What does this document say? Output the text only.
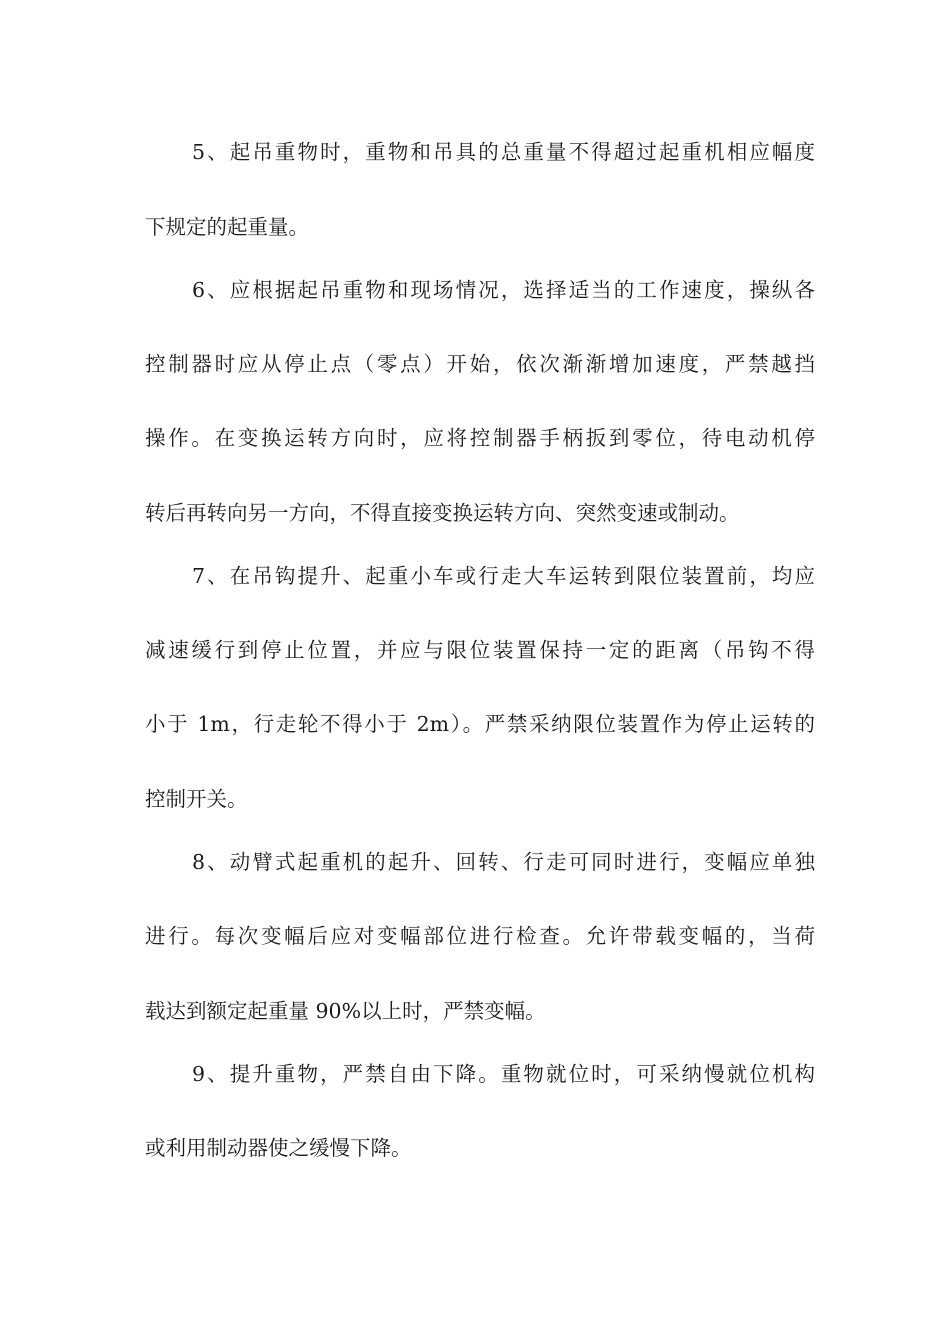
5、起吊重物时，重物和吊具的总重量不得超过起重机相应幅度
下规定的起重量。
6、应根据起吊重物和现场情况，选择适当的工作速度，操纵各
控制器时应从停止点（零点）开始，依次渐渐增加速度，严禁越挡
操作。在变换运转方向时，应将控制器手柄扳到零位，待电动机停
转后再转向另一方向，不得直接变换运转方向、突然变速或制动。
7、在吊钩提升、起重小车或行走大车运转到限位装置前，均应
减速缓行到停止位置，并应与限位装置保持一定的距离（吊钩不得
小于 1m，行走轮不得小于 2m）。严禁采纳限位装置作为停止运转的
控制开关。
8、动臂式起重机的起升、回转、行走可同时进行，变幅应单独
进行。每次变幅后应对变幅部位进行检查。允许带载变幅的，当荷
载达到额定起重量 90%以上时，严禁变幅。
9、提升重物，严禁自由下降。重物就位时，可采纳慢就位机构
或利用制动器使之缓慢下降。
